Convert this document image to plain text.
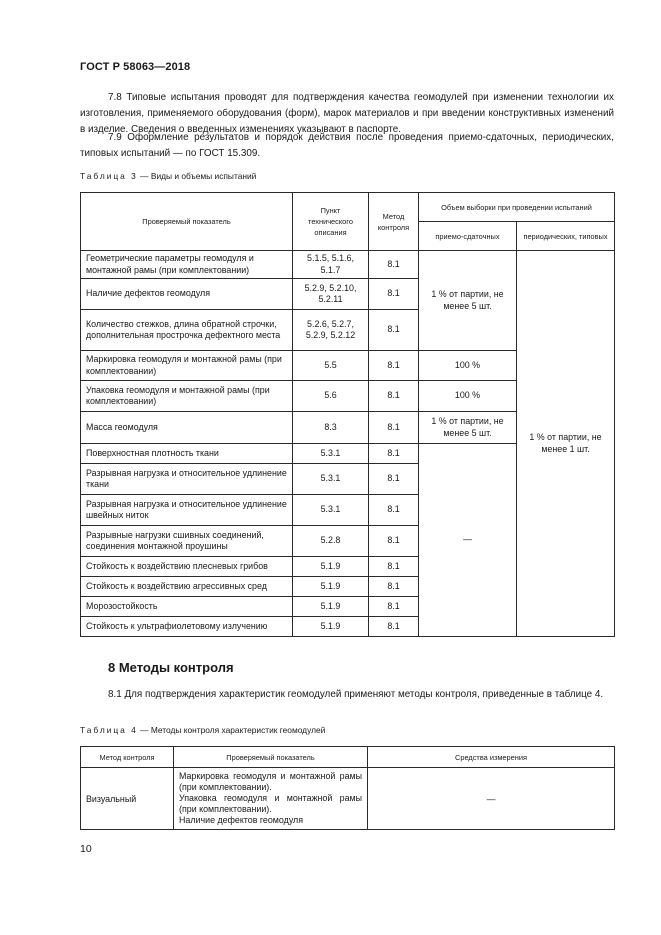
ГОСТ Р 58063—2018

7.8 Типовые испытания проводят для подтверждения качества геомодулей при изменении технологии их изготовления, применяемого оборудования (форм), марок материалов и при введении конструктивных изменений в изделие. Сведения о введенных изменениях указывают в паспорте.

7.9 Оформление результатов и порядок действия после проведения приемо-сдаточных, периодических, типовых испытаний — по ГОСТ 15.309.

Таблица 3 — Виды и объемы испытаний
Проверяемый показатель	Пункт технического описания	Метод контроля	Объем выборки при проведении испытаний	
			приемо-сдаточных	периодических, типовых
Геометрические параметры геомодуля и монтажной рамы (при комплектовании)	5.1.5, 5.1.6, 5.1.7	8.1	1 % от партии, не менее 5 шт.	1 % от партии, не менее 1 шт.
Наличие дефектов геомодуля	5.2.9, 5.2.10, 5.2.11	8.1		
Количество стежков, длина обратной строчки, дополнительная прострочка дефектного места	5.2.6, 5.2.7, 5.2.9, 5.2.12	8.1		
Маркировка геомодуля и монтажной рамы (при комплектовании)	5.5	8.1	100 %	
Упаковка геомодуля и монтажной рамы (при комплектовании)	5.6	8.1	100 %	
Масса геомодуля	8.3	8.1	1 % от партии, не менее 5 шт.	
Поверхностная плотность ткани	5.3.1	8.1	—	
Разрывная нагрузка и относительное удлинение ткани	5.3.1	8.1		
Разрывная нагрузка и относительное удлинение швейных ниток	5.3.1	8.1		
Разрывные нагрузки сшивных соединений, соединения монтажной проушины	5.2.8	8.1		
Стойкость к воздействию плесневых грибов	5.1.9	8.1		
Стойкость к воздействию агрессивных сред	5.1.9	8.1		
Морозостойкость	5.1.9	8.1		
Стойкость к ультрафиолетовому излучению	5.1.9	8.1		
8 Методы контроля

8.1 Для подтверждения характеристик геомодулей применяют методы контроля, приведенные в таблице 4.

Таблица 4 — Методы контроля характеристик геомодулей
Метод контроля	Проверяемый показатель	Средства измерения
Визуальный	Маркировка геомодуля и монтажной рамы (при комплектовании).
Упаковка геомодуля и монтажной рамы (при комплектовании).
Наличие дефектов геомодуля	—
10
